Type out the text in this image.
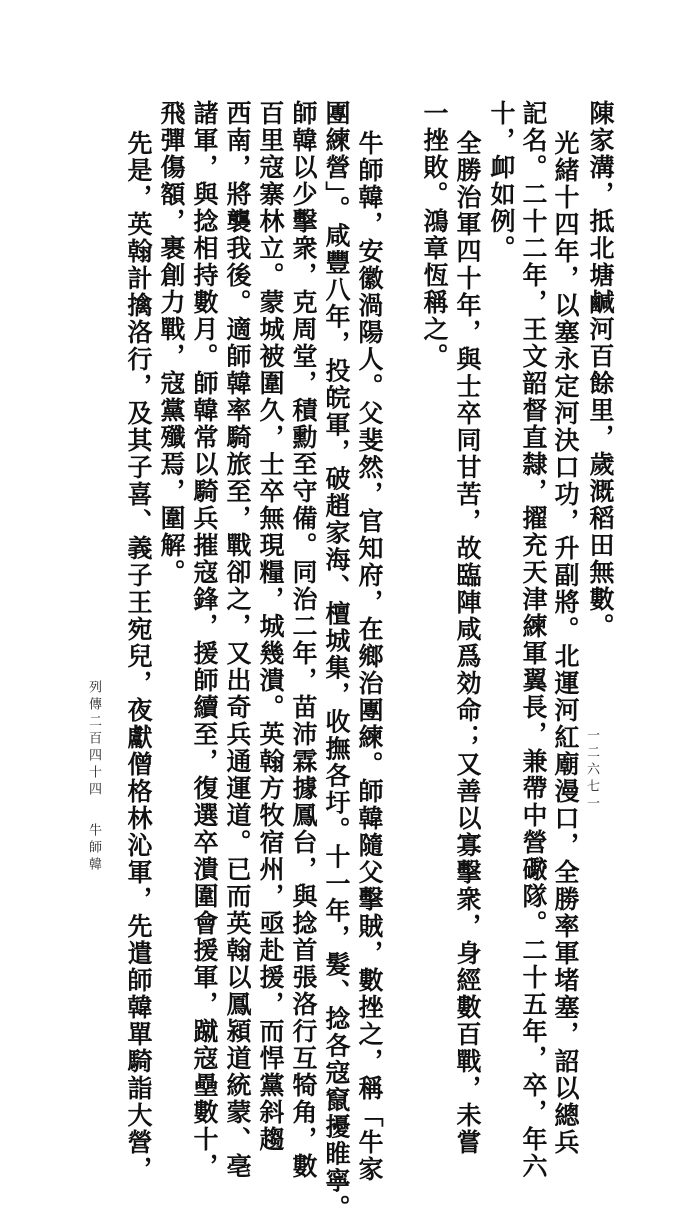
陳家溝，抵北塘鹹河百餘里，歲溉稻田無數。
光緒十四年，以塞永定河決口功，升副將。北運河紅廟漫口，全勝率軍堵塞，詔以總兵
記名。二十二年，王文韶督直隸，擢充天津練軍翼長，兼帶中營礮隊。二十五年，卒，年六
十，卹如例。
全勝治軍四十年，與士卒同甘苦，故臨陣咸爲効命；又善以寡擊衆，身經數百戰，未嘗
一挫敗。鴻章恆稱之。
牛師韓，安徽渦陽人。父斐然，官知府，在鄉治團練。師韓隨父擊賊，數挫之，稱「牛家
團練營」。咸豐八年，投皖軍，破趙家海、檀城集，收撫各圩。十一年，髮、捻各寇竄擾睢寧。
師韓以少擊衆，克周堂，積勳至守備。同治二年，苗沛霖據鳳台，與捻首張洛行互犄角，數
百里寇寨林立。蒙城被圍久，士卒無現糧，城幾潰。英翰方牧宿州，亟赴援，而悍黨斜趨
西南，將襲我後。適師韓率騎旅至，戰卻之，又出奇兵通運道。已而英翰以鳳潁道統蒙、亳
諸軍，與捻相持數月。師韓常以騎兵摧寇鋒，援師續至，復選卒潰圍會援軍，蹴寇壘數十，
飛彈傷額，裹創力戰，寇黨殲焉，圍解。
先是，英翰計擒洛行，及其子喜、義子王宛兒，夜獻僧格林沁軍，先遣師韓單騎詣大營，
列傳二百四十四牛師韓
一二六七一
